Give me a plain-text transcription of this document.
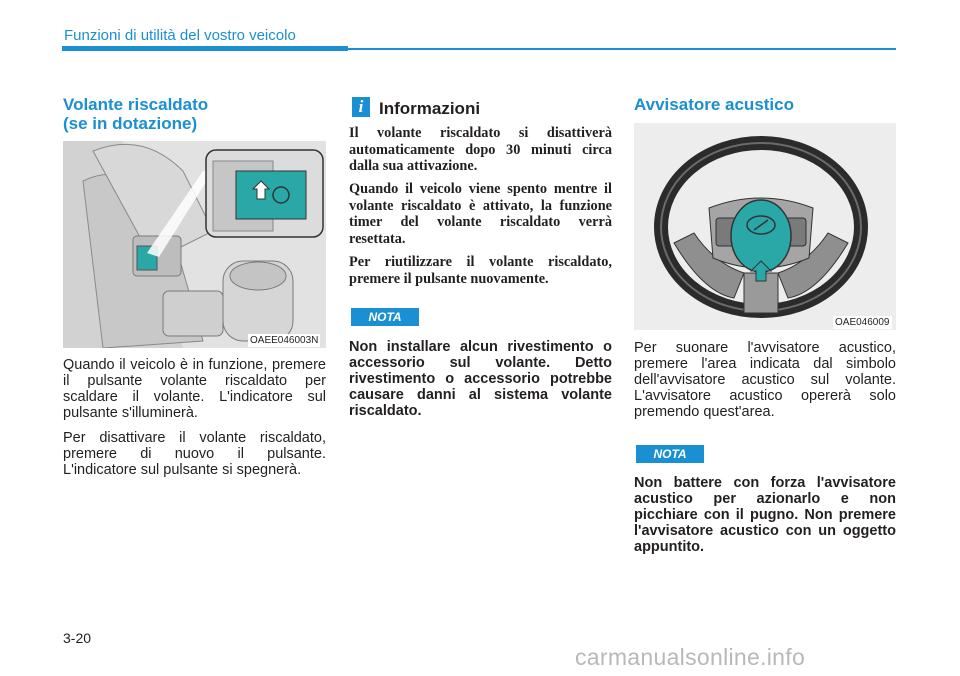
Funzioni di utilità del vostro veicolo
Volante riscaldato
(se in dotazione)
OAEE046003N
Quando il veicolo è in funzione, premere il pulsante volante riscaldato per scaldare il volante. L'indicatore sul pulsante s'illuminerà.
Per disattivare il volante riscaldato, premere di nuovo il pulsante. L'indicatore sul pulsante si spegnerà.
i Informazioni
Il volante riscaldato si disattiverà automaticamente dopo 30 minuti circa dalla sua attivazione.
Quando il veicolo viene spento mentre il volante riscaldato è attivato, la funzione timer del volante riscaldato verrà resettata.
Per riutilizzare il volante riscaldato, premere il pulsante nuovamente.
NOTA
Non installare alcun rivestimento o accessorio sul volante. Detto rivestimento o accessorio potrebbe causare danni al sistema volante riscaldato.
Avvisatore acustico
OAE046009
Per suonare l'avvisatore acustico, premere l'area indicata dal simbolo dell'avvisatore acustico sul volante. L'avvisatore acustico opererà solo premendo quest'area.
NOTA
Non battere con forza l'avvisatore acustico per azionarlo e non picchiare con il pugno. Non premere l'avvisatore acustico con un oggetto appuntito.
3-20
carmanualsonline.info
